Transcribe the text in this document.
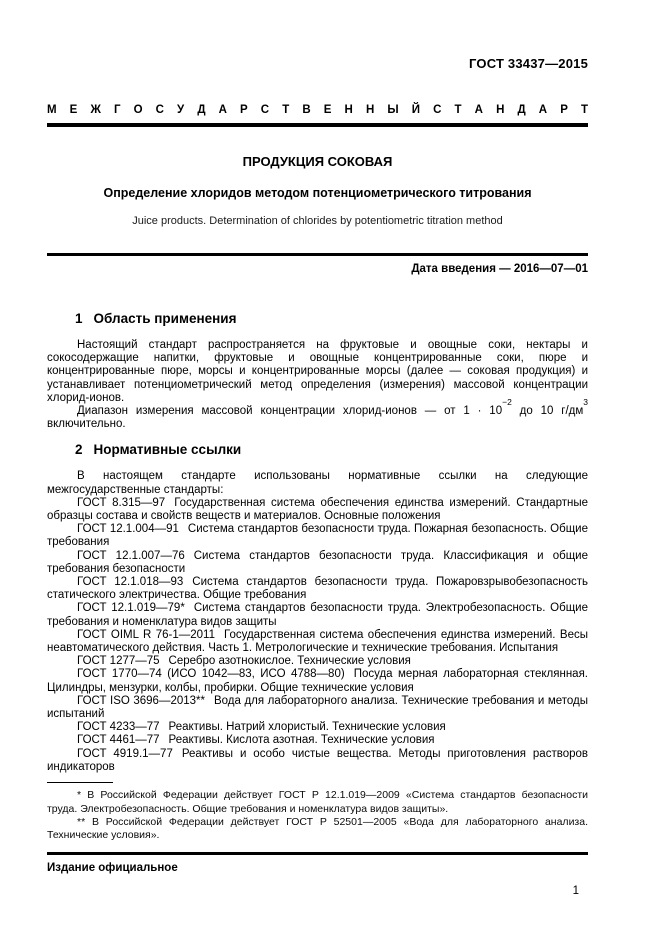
ГОСТ 33437—2015
М Е Ж Г О С У Д А Р С Т В Е Н Н Ы Й С Т А Н Д А Р Т
ПРОДУКЦИЯ СОКОВАЯ
Определение хлоридов методом потенциометрического титрования
Juice products. Determination of chlorides by potentiometric titration method
Дата введения — 2016—07—01
1 Область применения

Настоящий стандарт распространяется на фруктовые и овощные соки, нектары и сокосодержащие напитки, фруктовые и овощные концентрированные соки, пюре и концентрированные пюре, морсы и концентрированные морсы (далее — соковая продукция) и устанавливает потенциометрический метод определения (измерения) массовой концентрации хлорид-ионов.

Диапазон измерения массовой концентрации хлорид-ионов — от $1 \cdot 10^{-2}$ до 10 $г/дм^3$ включительно.

2 Нормативные ссылки

В настоящем стандарте использованы нормативные ссылки на следующие межгосударственные стандарты:

ГОСТ 8.315—97 Государственная система обеспечения единства измерений. Стандартные образцы состава и свойств веществ и материалов. Основные положения

ГОСТ 12.1.004—91 Система стандартов безопасности труда. Пожарная безопасность. Общие требования

ГОСТ 12.1.007—76 Система стандартов безопасности труда. Классификация и общие требования безопасности

ГОСТ 12.1.018—93 Система стандартов безопасности труда. Пожаровзрывобезопасность статического электричества. Общие требования

ГОСТ 12.1.019—79* Система стандартов безопасности труда. Электробезопасность. Общие требования и номенклатура видов защиты

ГОСТ OIML R 76-1—2011 Государственная система обеспечения единства измерений. Весы неавтоматического действия. Часть 1. Метрологические и технические требования. Испытания

ГОСТ 1277—75 Серебро азотнокислое. Технические условия

ГОСТ 1770—74 (ИСО 1042—83, ИСО 4788—80) Посуда мерная лабораторная стеклянная. Цилиндры, мензурки, колбы, пробирки. Общие технические условия

ГОСТ ISO 3696—2013** Вода для лабораторного анализа. Технические требования и методы испытаний

ГОСТ 4233—77 Реактивы. Натрий хлористый. Технические условия

ГОСТ 4461—77 Реактивы. Кислота азотная. Технические условия

ГОСТ 4919.1—77 Реактивы и особо чистые вещества. Методы приготовления растворов индикаторов

* В Российской Федерации действует ГОСТ Р 12.1.019—2009 «Система стандартов безопасности труда. Электробезопасность. Общие требования и номенклатура видов защиты».

** В Российской Федерации действует ГОСТ Р 52501—2005 «Вода для лабораторного анализа. Технические условия».

Издание официальное
1
